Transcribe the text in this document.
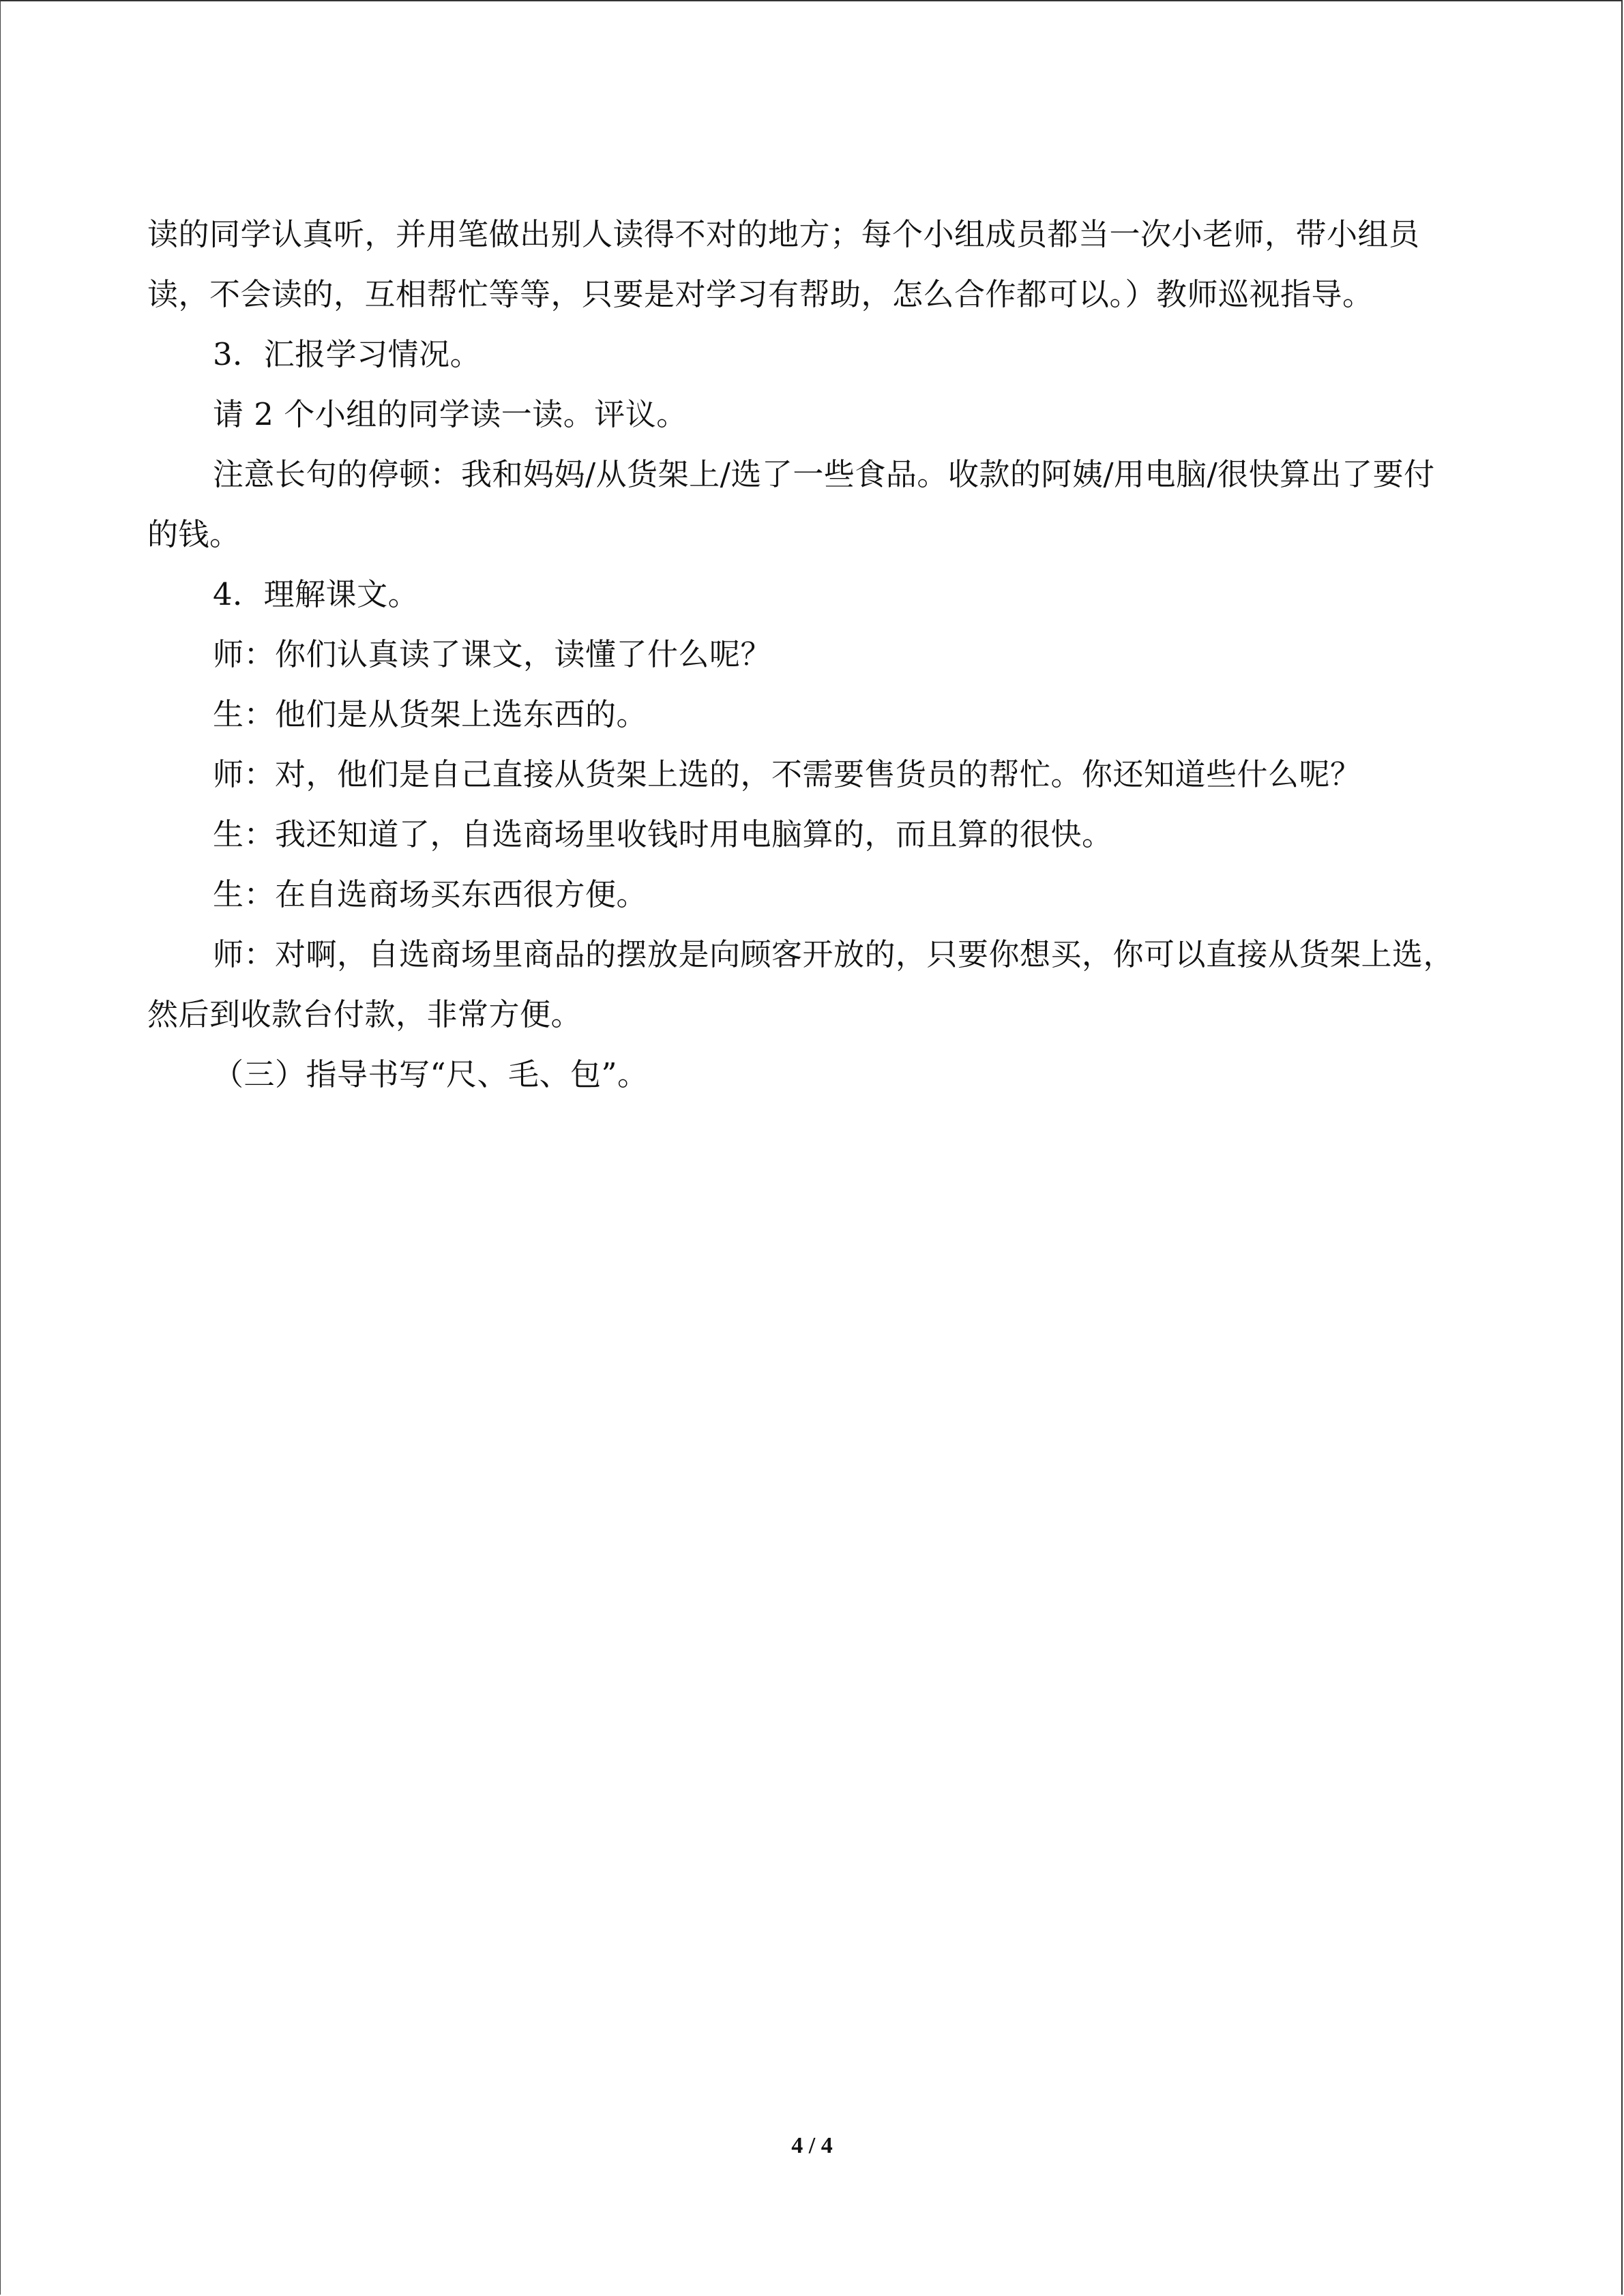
读的同学认真听，并用笔做出别人读得不对的地方；每个小组成员都当一次小老师，带小组员读，不会读的，互相帮忙等等，只要是对学习有帮助，怎么合作都可以。）教师巡视指导。

3．汇报学习情况。

请 2 个小组的同学读一读。评议。

注意长句的停顿：我和妈妈/从货架上/选了一些食品。收款的阿姨/用电脑/很快算出了要付的钱。

4．理解课文。

师：你们认真读了课文，读懂了什么呢？

生：他们是从货架上选东西的。

师：对，他们是自己直接从货架上选的，不需要售货员的帮忙。你还知道些什么呢？

生：我还知道了，自选商场里收钱时用电脑算的，而且算的很快。

生：在自选商场买东西很方便。

师：对啊，自选商场里商品的摆放是向顾客开放的，只要你想买，你可以直接从货架上选，然后到收款台付款，非常方便。

（三）指导书写“尺、毛、包”。

4 / 4
